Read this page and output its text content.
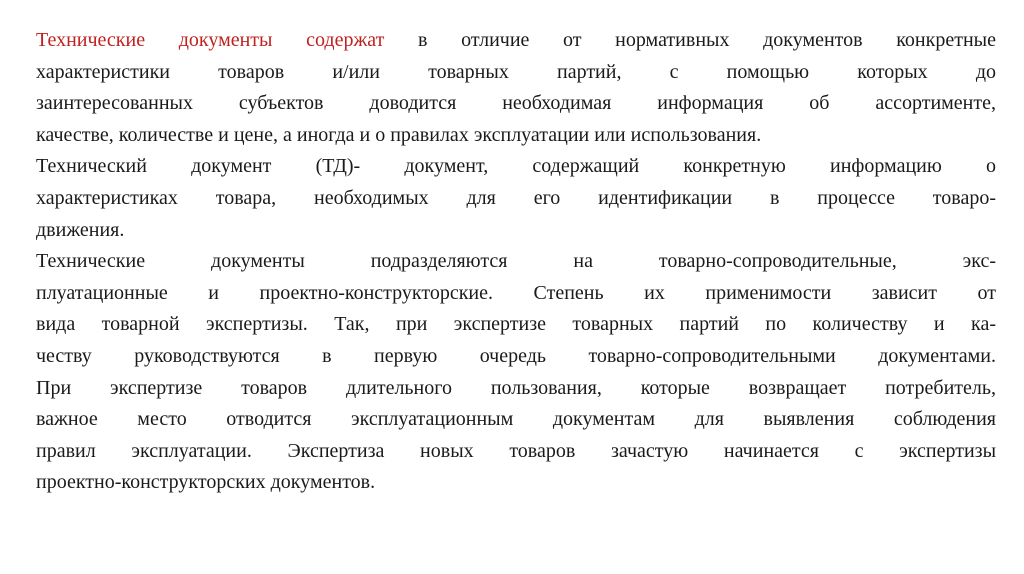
Технические документы содержат в отличие от нормативных документов конкретные
характеристики товаров и/или товарных партий, с помощью которых до
заинтересованных субъектов доводится необходимая информация об ассортименте,
качестве, количестве и цене, а иногда и о правилах эксплуатации или использования.
Технический документ (ТД)- документ, содержащий конкретную информацию о
характеристиках товара, необходимых для его идентификации в процессе товаро-
движения.
Технические документы подразделяются на товарно-сопроводительные, экс-
плуатационные и проектно-конструкторские. Степень их применимости зависит от
вида товарной экспертизы. Так, при экспертизе товарных партий по количеству и ка-
честву руководствуются в первую очередь товарно-сопроводительными документами.
При экспертизе товаров длительного пользования, которые возвращает потребитель,
важное место отводится эксплуатационным документам для выявления соблюдения
правил эксплуатации. Экспертиза новых товаров зачастую начинается с экспертизы
проектно-конструкторских документов.
